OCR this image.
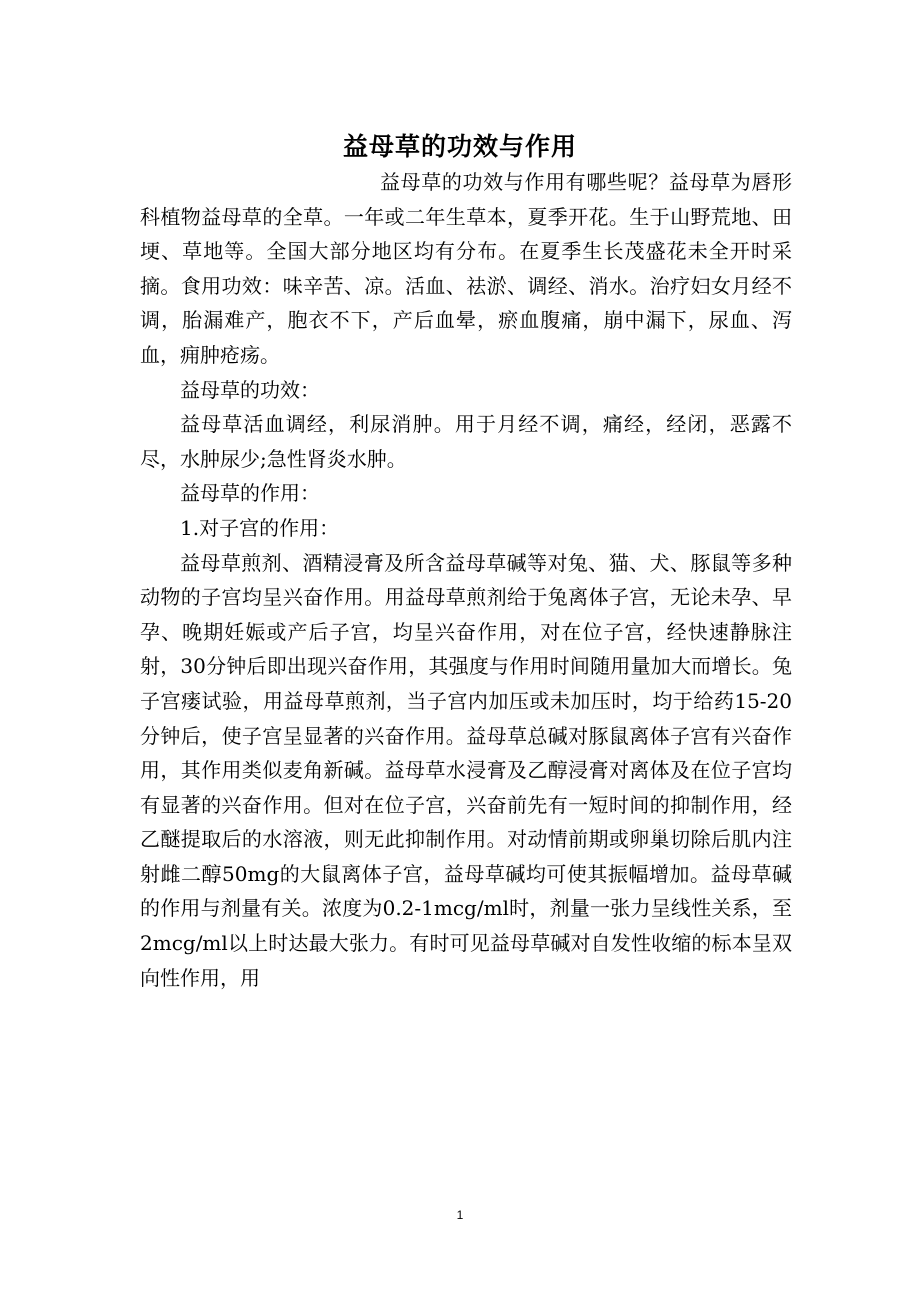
益母草的功效与作用

益母草的功效与作用有哪些呢？益母草为唇形科植物益母草的全草。一年或二年生草本，夏季开花。生于山野荒地、田埂、草地等。全国大部分地区均有分布。在夏季生长茂盛花未全开时采摘。食用功效：味辛苦、凉。活血、祛淤、调经、消水。治疗妇女月经不调，胎漏难产，胞衣不下，产后血晕，瘀血腹痛，崩中漏下，尿血、泻血，痈肿疮疡。

益母草的功效：

益母草活血调经，利尿消肿。用于月经不调，痛经，经闭，恶露不尽，水肿尿少;急性肾炎水肿。

益母草的作用：

1.对子宫的作用：

益母草煎剂、酒精浸膏及所含益母草碱等对兔、猫、犬、豚鼠等多种动物的子宫均呈兴奋作用。用益母草煎剂给于兔离体子宫，无论未孕、早孕、晚期妊娠或产后子宫，均呈兴奋作用，对在位子宫，经快速静脉注射，30分钟后即出现兴奋作用，其强度与作用时间随用量加大而增长。兔子宫瘘试验，用益母草煎剂，当子宫内加压或未加压时，均于给药15-20分钟后，使子宫呈显著的兴奋作用。益母草总碱对豚鼠离体子宫有兴奋作用，其作用类似麦角新碱。益母草水浸膏及乙醇浸膏对离体及在位子宫均有显著的兴奋作用。但对在位子宫，兴奋前先有一短时间的抑制作用，经乙醚提取后的水溶液，则无此抑制作用。对动情前期或卵巢切除后肌内注射雌二醇50mg的大鼠离体子宫，益母草碱均可使其振幅增加。益母草碱的作用与剂量有关。浓度为0.2-1mcg/ml时，剂量一张力呈线性关系，至2mcg/ml以上时达最大张力。有时可见益母草碱对自发性收缩的标本呈双向性作用，用

1
